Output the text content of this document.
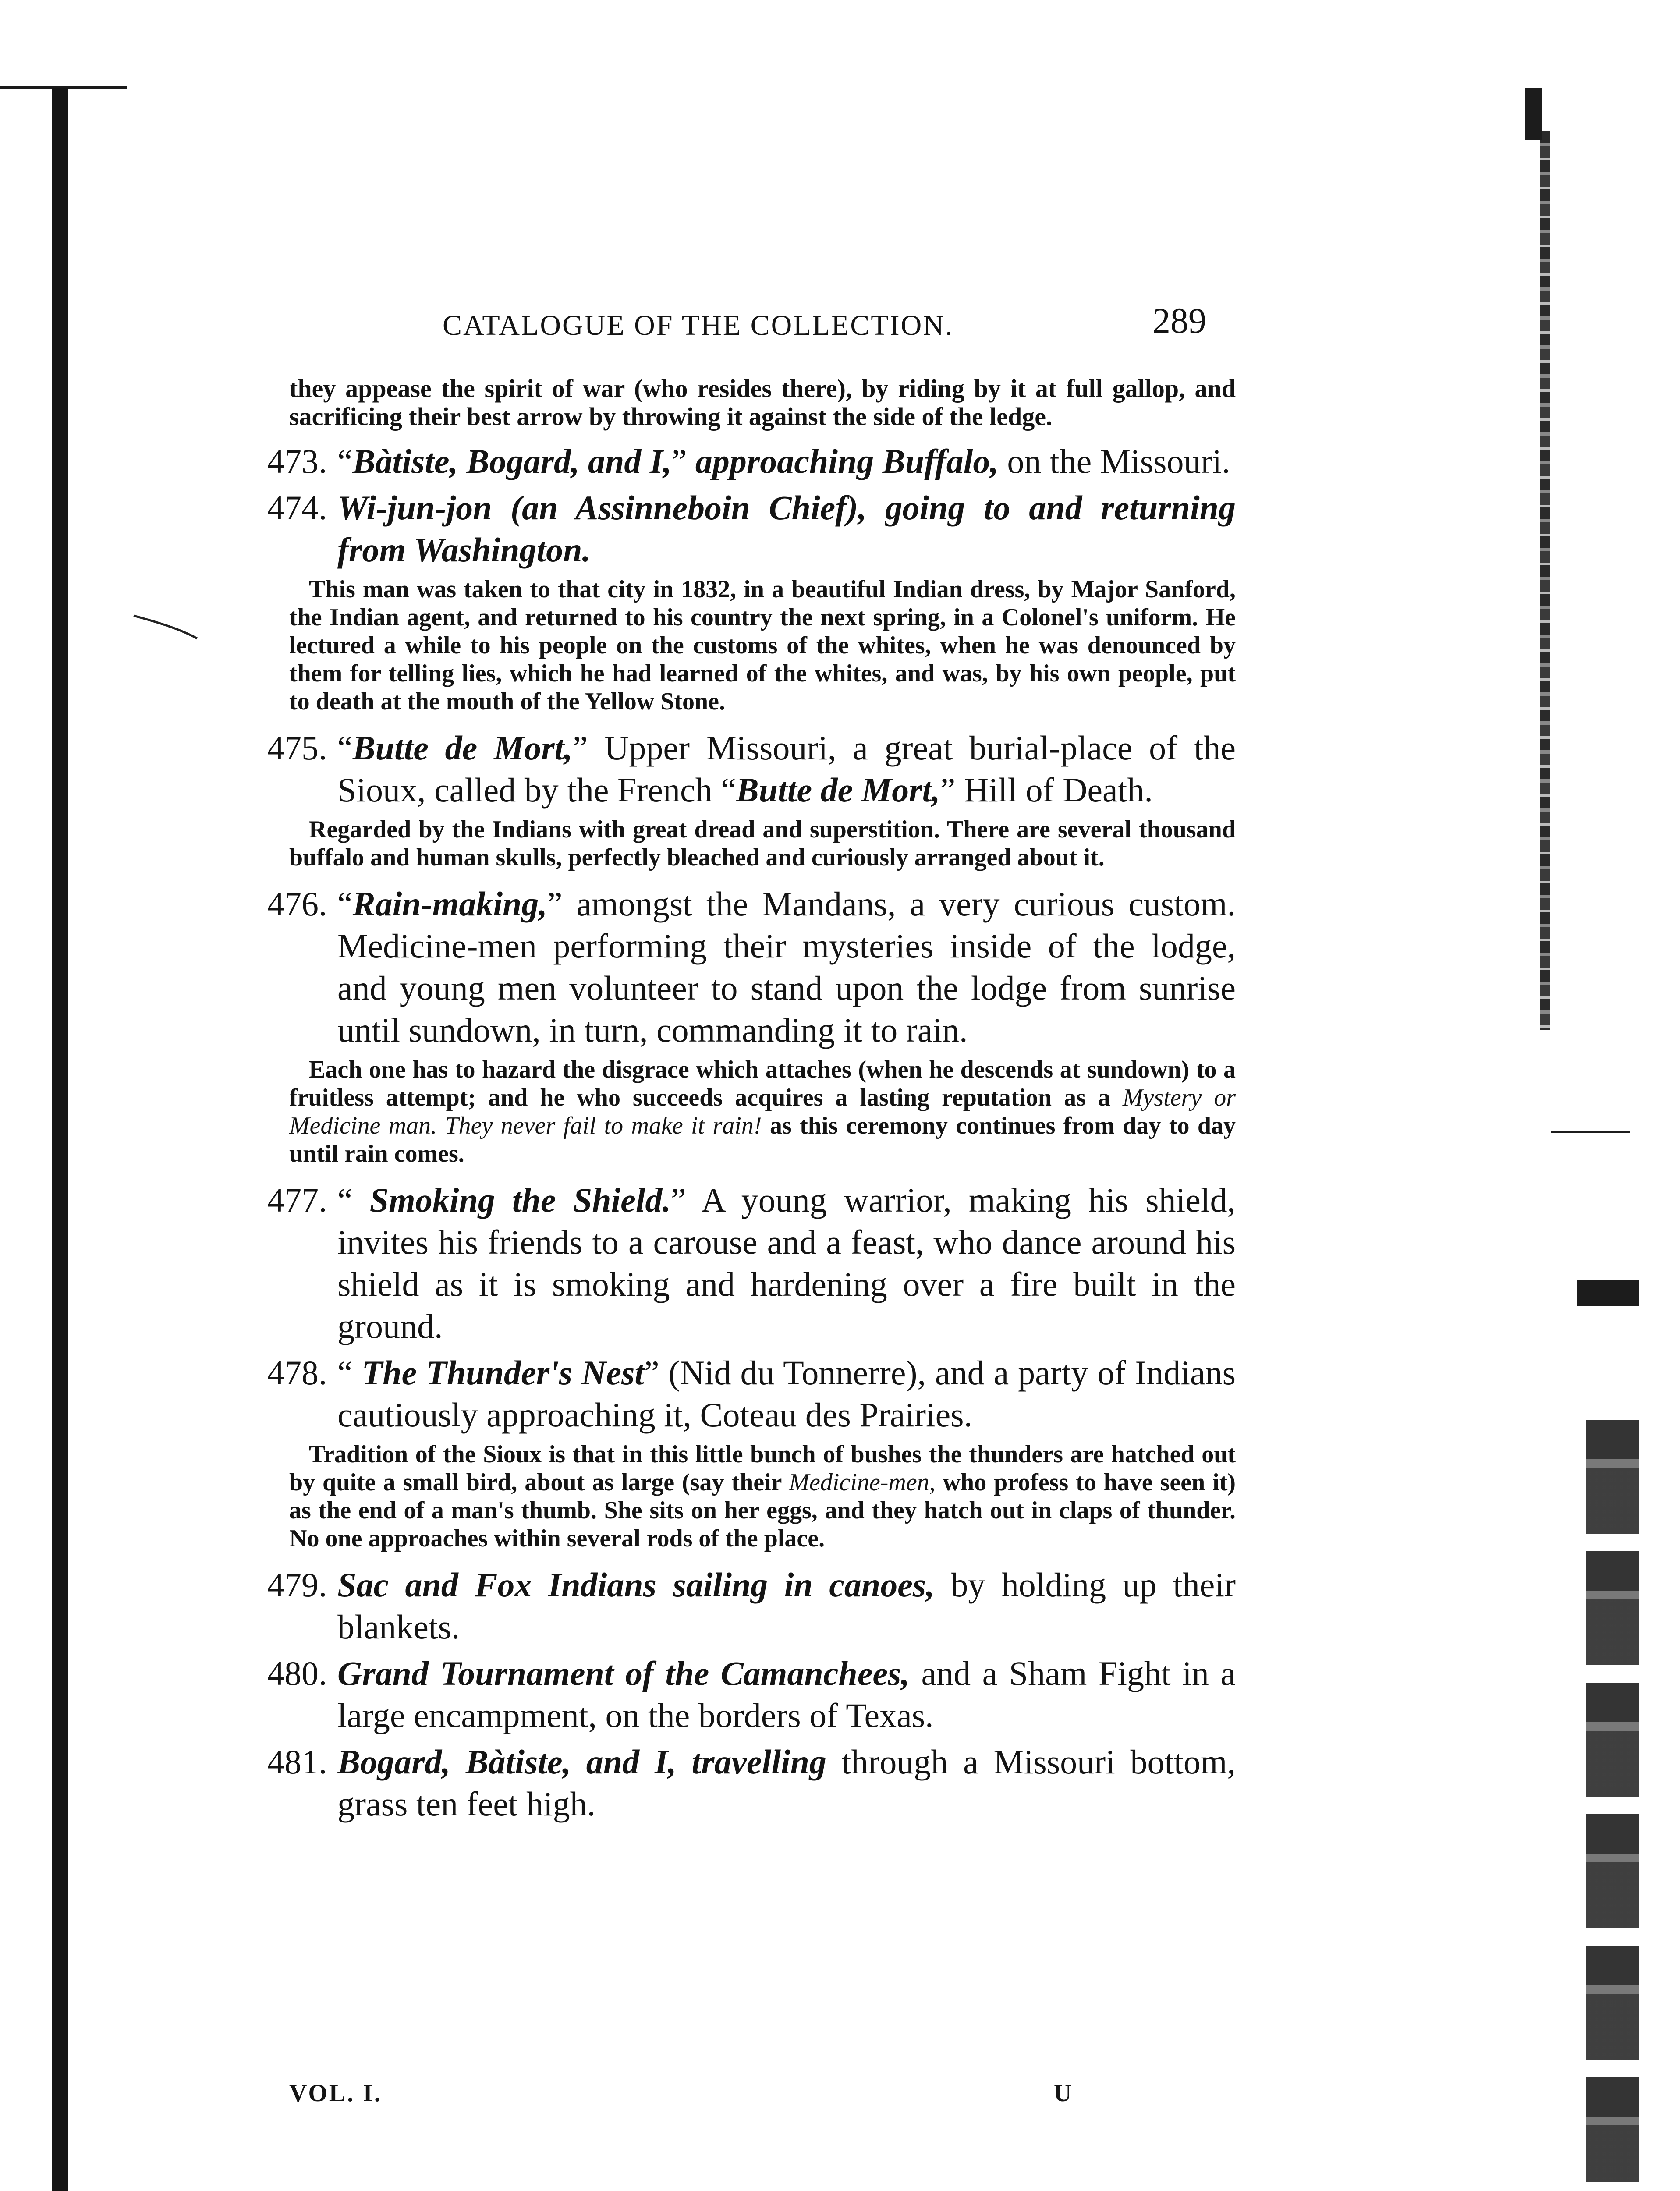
CATALOGUE OF THE COLLECTION.	289

they appease the spirit of war (who resides there), by riding by it at full gallop, and sacrificing their best arrow by throwing it against the side of the ledge.

473. “Bàtiste, Bogard, and I,” approaching Buffalo, on the Missouri.

474. Wi-jun-jon (an Assinneboin Chief), going to and returning from Washington.

This man was taken to that city in 1832, in a beautiful Indian dress, by Major Sanford, the Indian agent, and returned to his country the next spring, in a Colonel's uniform. He lectured a while to his people on the customs of the whites, when he was denounced by them for telling lies, which he had learned of the whites, and was, by his own people, put to death at the mouth of the Yellow Stone.

475. “Butte de Mort,” Upper Missouri, a great burial-place of the Sioux, called by the French “Butte de Mort,” Hill of Death.

Regarded by the Indians with great dread and superstition. There are several thousand buffalo and human skulls, perfectly bleached and curiously arranged about it.

476. “Rain-making,” amongst the Mandans, a very curious custom. Medicine-men performing their mysteries inside of the lodge, and young men volunteer to stand upon the lodge from sunrise until sundown, in turn, commanding it to rain.

Each one has to hazard the disgrace which attaches (when he descends at sundown) to a fruitless attempt; and he who succeeds acquires a lasting reputation as a Mystery or Medicine man. They never fail to make it rain! as this ceremony continues from day to day until rain comes.

477. “ Smoking the Shield.” A young warrior, making his shield, invites his friends to a carouse and a feast, who dance around his shield as it is smoking and hardening over a fire built in the ground.

478. “ The Thunder's Nest” (Nid du Tonnerre), and a party of Indians cautiously approaching it, Coteau des Prairies.

Tradition of the Sioux is that in this little bunch of bushes the thunders are hatched out by quite a small bird, about as large (say their Medicine-men, who profess to have seen it) as the end of a man's thumb. She sits on her eggs, and they hatch out in claps of thunder. No one approaches within several rods of the place.

479. Sac and Fox Indians sailing in canoes, by holding up their blankets.

480. Grand Tournament of the Camanchees, and a Sham Fight in a large encampment, on the borders of Texas.

481. Bogard, Bàtiste, and I, travelling through a Missouri bottom, grass ten feet high.

VOL. I.	U
